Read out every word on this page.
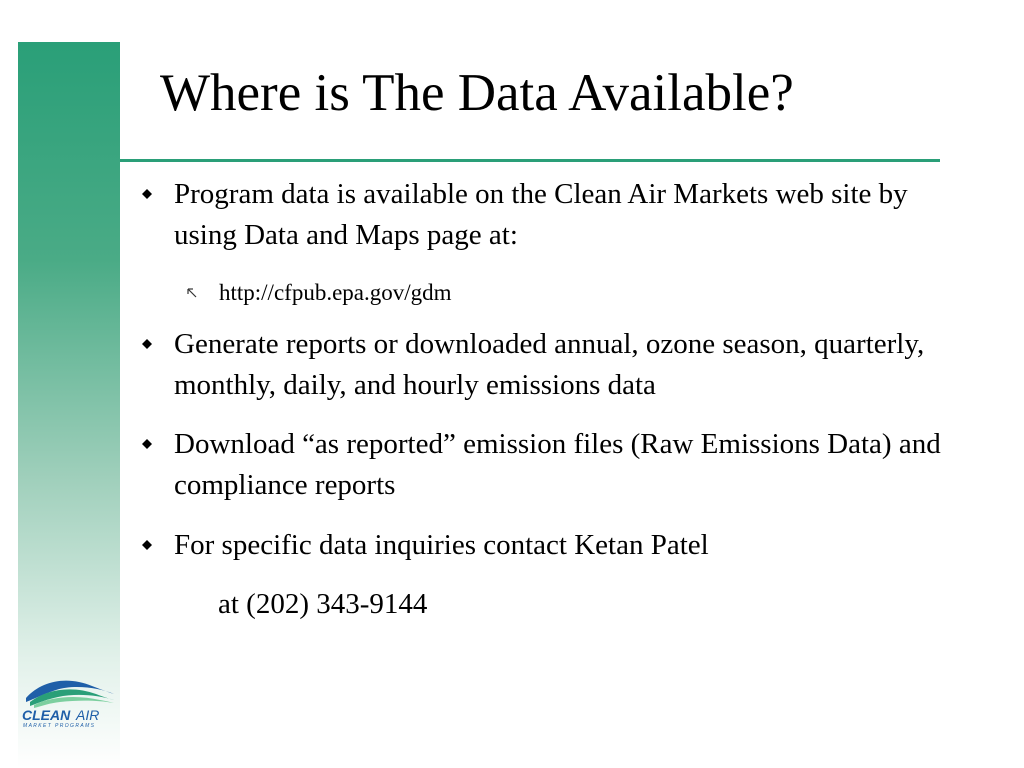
Where is The Data Available?
Program data is available on the Clean Air Markets web site by using Data and Maps page at:
http://cfpub.epa.gov/gdm
Generate reports or downloaded annual, ozone season, quarterly, monthly, daily, and hourly emissions data
Download “as reported” emission files (Raw Emissions Data) and compliance reports
For specific data inquiries contact Ketan Patel
at (202) 343-9144
CLEAN AIR
MARKET PROGRAMS
